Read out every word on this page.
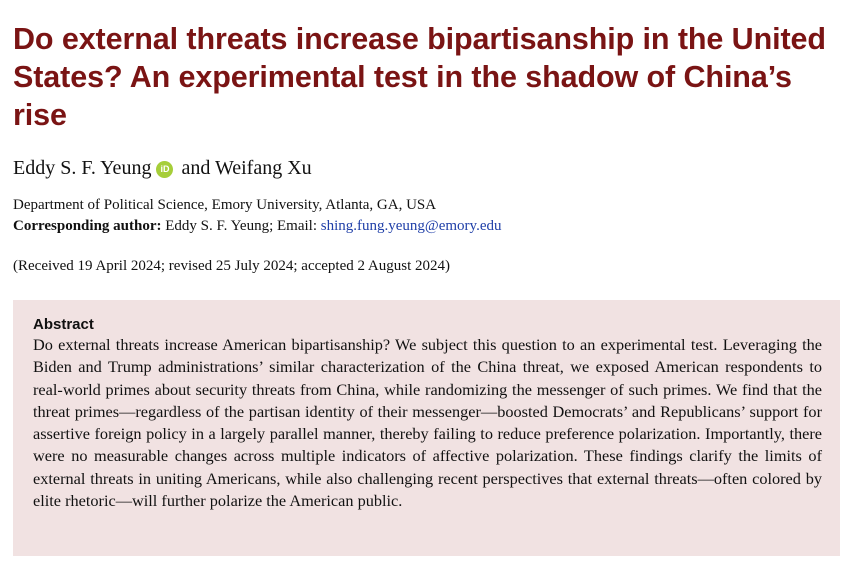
Do external threats increase bipartisanship in the United States? An experimental test in the shadow of China’s rise
Eddy S. F. Yeung iD and Weifang Xu
Department of Political Science, Emory University, Atlanta, GA, USA
Corresponding author: Eddy S. F. Yeung; Email: shing.fung.yeung@emory.edu
(Received 19 April 2024; revised 25 July 2024; accepted 2 August 2024)
Abstract

Do external threats increase American bipartisanship? We subject this question to an experimental test. Leveraging the Biden and Trump administrations’ similar characterization of the China threat, we exposed American respondents to real-world primes about security threats from China, while randomizing the messenger of such primes. We find that the threat primes—regardless of the partisan identity of their messenger—boosted Democrats’ and Republicans’ support for assertive foreign policy in a largely parallel manner, thereby failing to reduce preference polarization. Importantly, there were no measurable changes across multiple indicators of affective polarization. These findings clarify the limits of external threats in uniting Americans, while also challenging recent perspectives that external threats—often colored by elite rhetoric—will further polarize the American public.
